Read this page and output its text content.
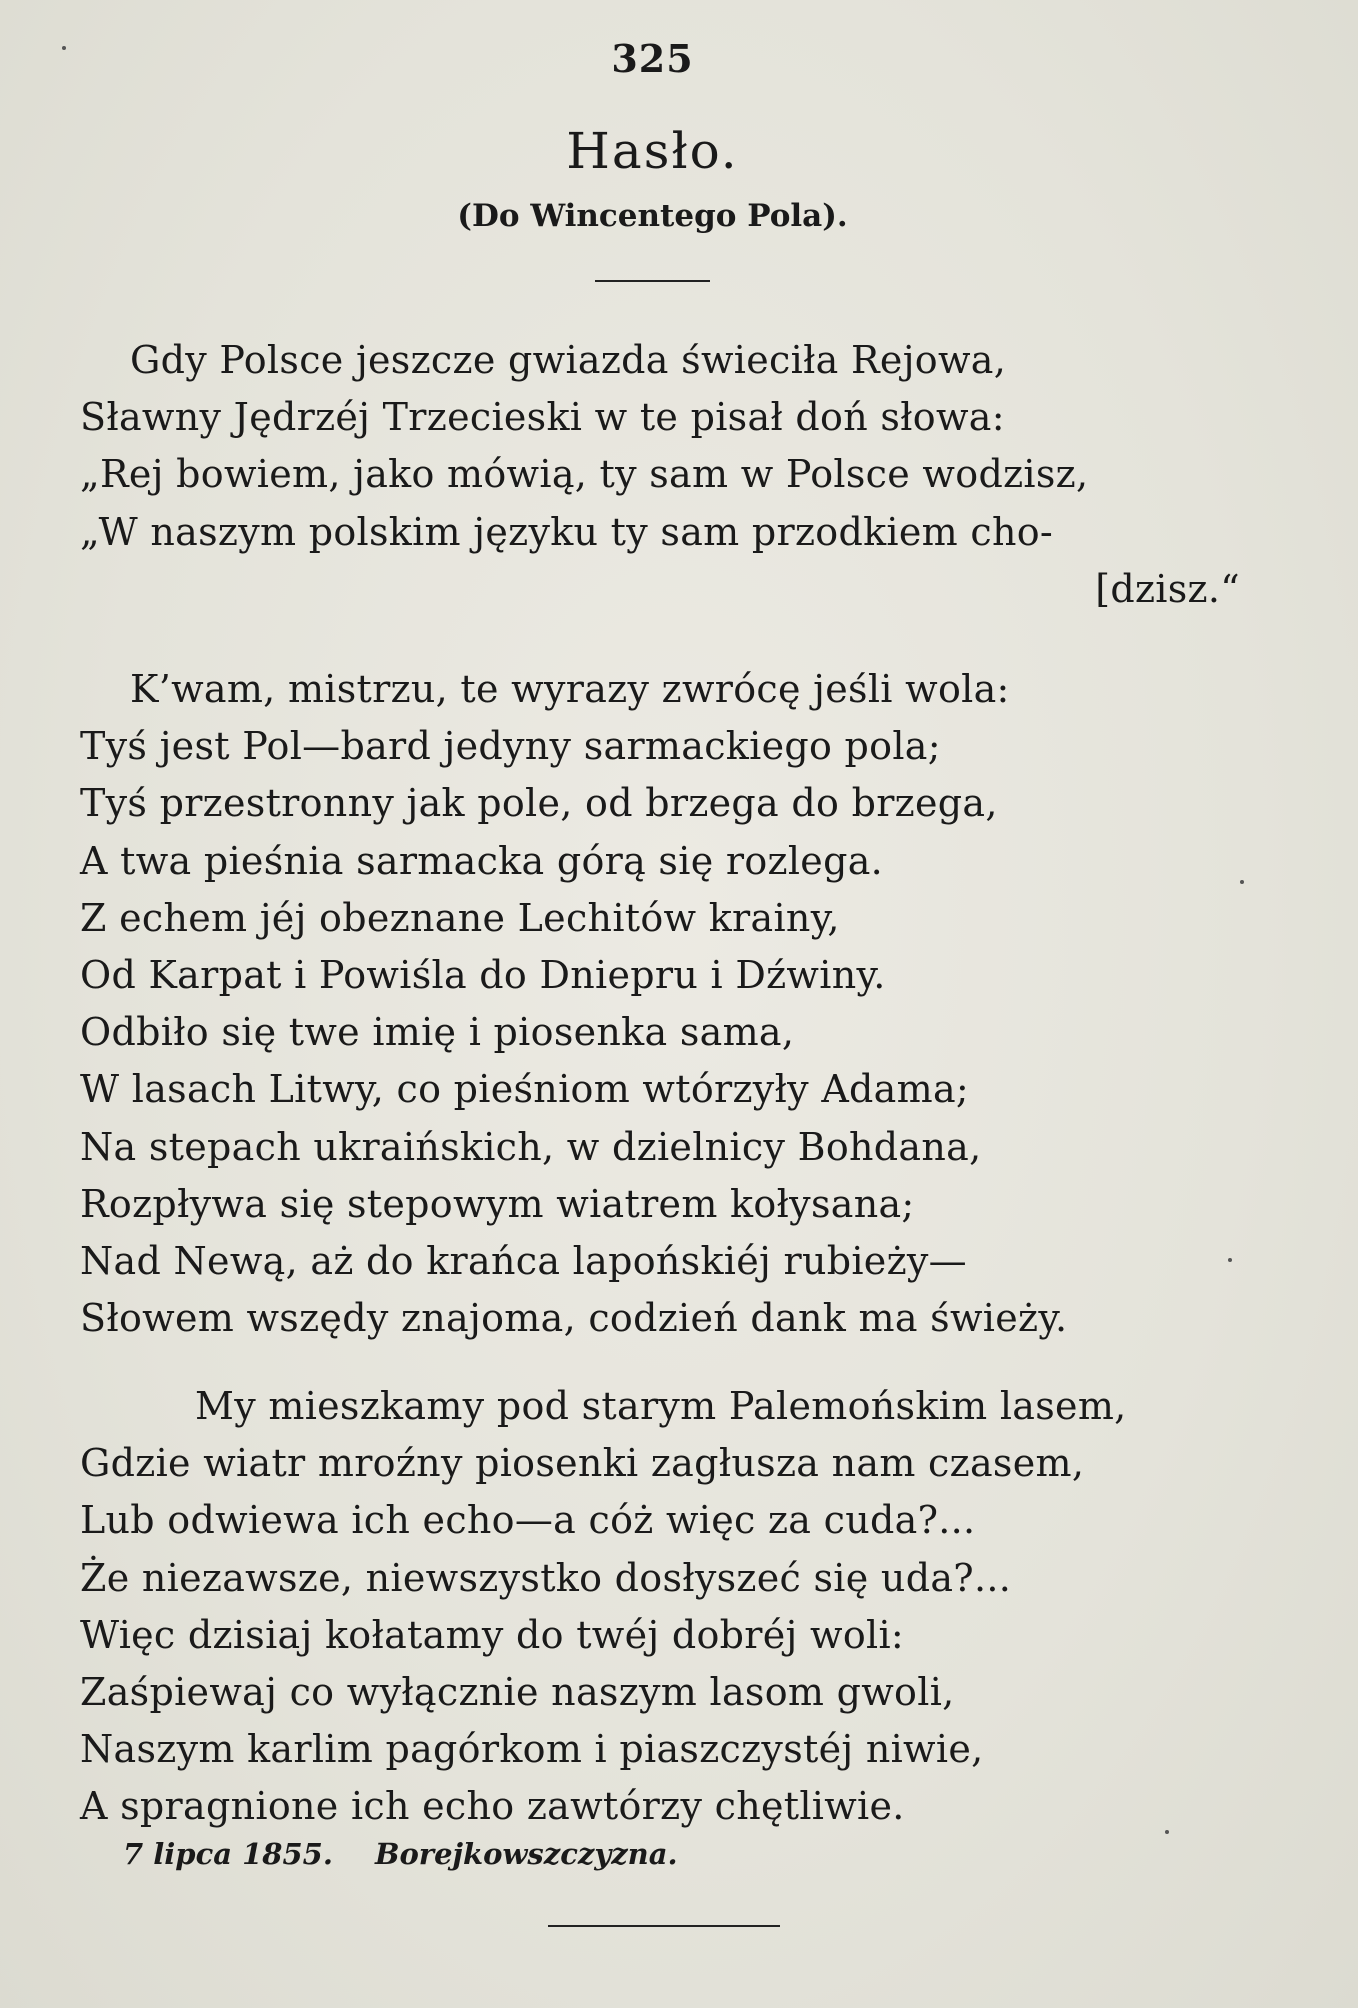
325
Hasło.
(Do Wincentego Pola).
Gdy Polsce jeszcze gwiazda świeciła Rejowa,
Sławny Jędrzéj Trzecieski w te pisał doń słowa:
„Rej bowiem, jako mówią, ty sam w Polsce wodzisz,
„W naszym polskim języku ty sam przodkiem cho-
[dzisz.“
K’wam, mistrzu, te wyrazy zwrócę jeśli wola:
Tyś jest Pol—bard jedyny sarmackiego pola;
Tyś przestronny jak pole, od brzega do brzega,
A twa pieśnia sarmacka górą się rozlega.
Z echem jéj obeznane Lechitów krainy,
Od Karpat i Powiśla do Dniepru i Dźwiny.
Odbiło się twe imię i piosenka sama,
W lasach Litwy, co pieśniom wtórzyły Adama;
Na stepach ukraińskich, w dzielnicy Bohdana,
Rozpływa się stepowym wiatrem kołysana;
Nad Newą, aż do krańca lapońskiéj rubieży—
Słowem wszędy znajoma, codzień dank ma świeży.
My mieszkamy pod starym Palemońskim lasem,
Gdzie wiatr mroźny piosenki zagłusza nam czasem,
Lub odwiewa ich echo—a cóż więc za cuda?...
Że niezawsze, niewszystko dosłyszeć się uda?...
Więc dzisiaj kołatamy do twéj dobréj woli:
Zaśpiewaj co wyłącznie naszym lasom gwoli,
Naszym karlim pagórkom i piaszczystéj niwie,
A spragnione ich echo zawtórzy chętliwie.
7 lipca 1855. Borejkowszczyzna.
